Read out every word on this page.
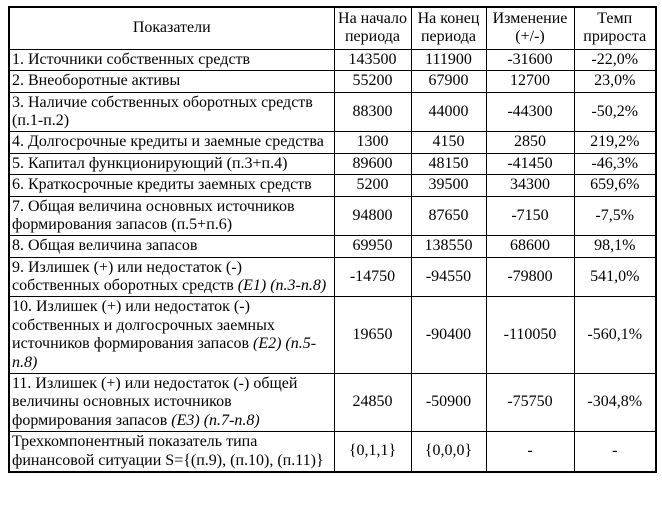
Показатели	На начало периода	На конец периода	Изменение (+/-)	Темп прироста
1. Источники собственных средств	143500	111900	-31600	-22,0%
2. Внеоборотные активы	55200	67900	12700	23,0%
3. Наличие собственных оборотных средств (п.1-п.2)	88300	44000	-44300	-50,2%
4. Долгосрочные кредиты и заемные средства	1300	4150	2850	219,2%
5. Капитал функционирующий (п.3+п.4)	89600	48150	-41450	-46,3%
6. Краткосрочные кредиты заемных средств	5200	39500	34300	659,6%
7. Общая величина основных источников формирования запасов (п.5+п.6)	94800	87650	-7150	-7,5%
8. Общая величина запасов	69950	138550	68600	98,1%
9. Излишек (+) или недостаток (-) собственных оборотных средств (Е1) (п.3-п.8)	-14750	-94550	-79800	541,0%
10. Излишек (+) или недостаток (-) собственных и долгосрочных заемных источников формирования запасов (Е2) (п.5-п.8)	19650	-90400	-110050	-560,1%
11. Излишек (+) или недостаток (-) общей величины основных источников формирования запасов (Е3) (п.7-п.8)	24850	-50900	-75750	-304,8%
Трехкомпонентный показатель типа финансовой ситуации S={(п.9), (п.10), (п.11)}	{0,1,1}	{0,0,0}	-	-
